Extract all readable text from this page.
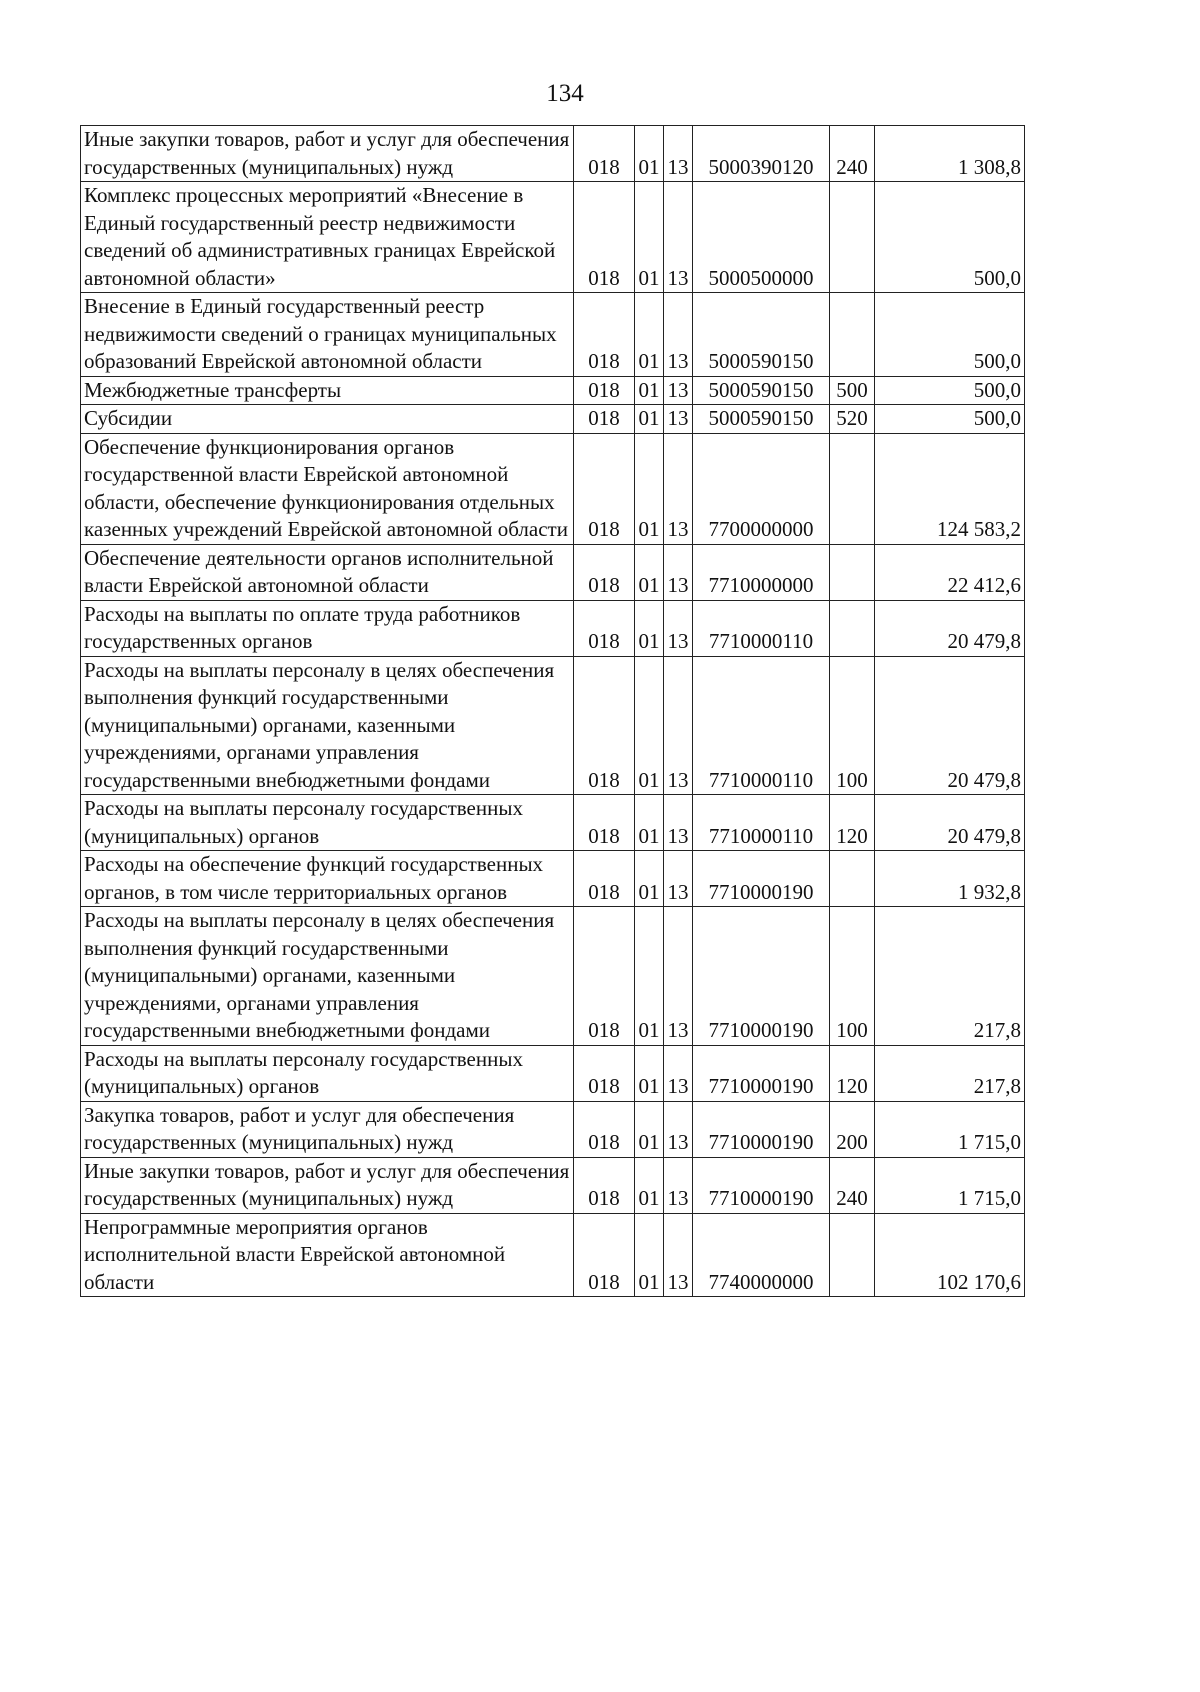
134
Иные закупки товаров, работ и услуг для обеспечения государственных (муниципальных) нужд	018	01	13	5000390120	240	1 308,8
Комплекс процессных мероприятий «Внесение в Единый государственный реестр недвижимости сведений об административных границах Еврейской автономной области»	018	01	13	5000500000		500,0
Внесение в Единый государственный реестр недвижимости сведений о границах муниципальных образований Еврейской автономной области	018	01	13	5000590150		500,0
Межбюджетные трансферты	018	01	13	5000590150	500	500,0
Субсидии	018	01	13	5000590150	520	500,0
Обеспечение функционирования органов государственной власти Еврейской автономной области, обеспечение функционирования отдельных казенных учреждений Еврейской автономной области	018	01	13	7700000000		124 583,2
Обеспечение деятельности органов исполнительной власти Еврейской автономной области	018	01	13	7710000000		22 412,6
Расходы на выплаты по оплате труда работников государственных органов	018	01	13	7710000110		20 479,8
Расходы на выплаты персоналу в целях обеспечения выполнения функций государственными (муниципальными) органами, казенными учреждениями, органами управления государственными внебюджетными фондами	018	01	13	7710000110	100	20 479,8
Расходы на выплаты персоналу государственных (муниципальных) органов	018	01	13	7710000110	120	20 479,8
Расходы на обеспечение функций государственных органов, в том числе территориальных органов	018	01	13	7710000190		1 932,8
Расходы на выплаты персоналу в целях обеспечения выполнения функций государственными (муниципальными) органами, казенными учреждениями, органами управления государственными внебюджетными фондами	018	01	13	7710000190	100	217,8
Расходы на выплаты персоналу государственных (муниципальных) органов	018	01	13	7710000190	120	217,8
Закупка товаров, работ и услуг для обеспечения государственных (муниципальных) нужд	018	01	13	7710000190	200	1 715,0
Иные закупки товаров, работ и услуг для обеспечения государственных (муниципальных) нужд	018	01	13	7710000190	240	1 715,0
Непрограммные мероприятия органов исполнительной власти Еврейской автономной области	018	01	13	7740000000		102 170,6
